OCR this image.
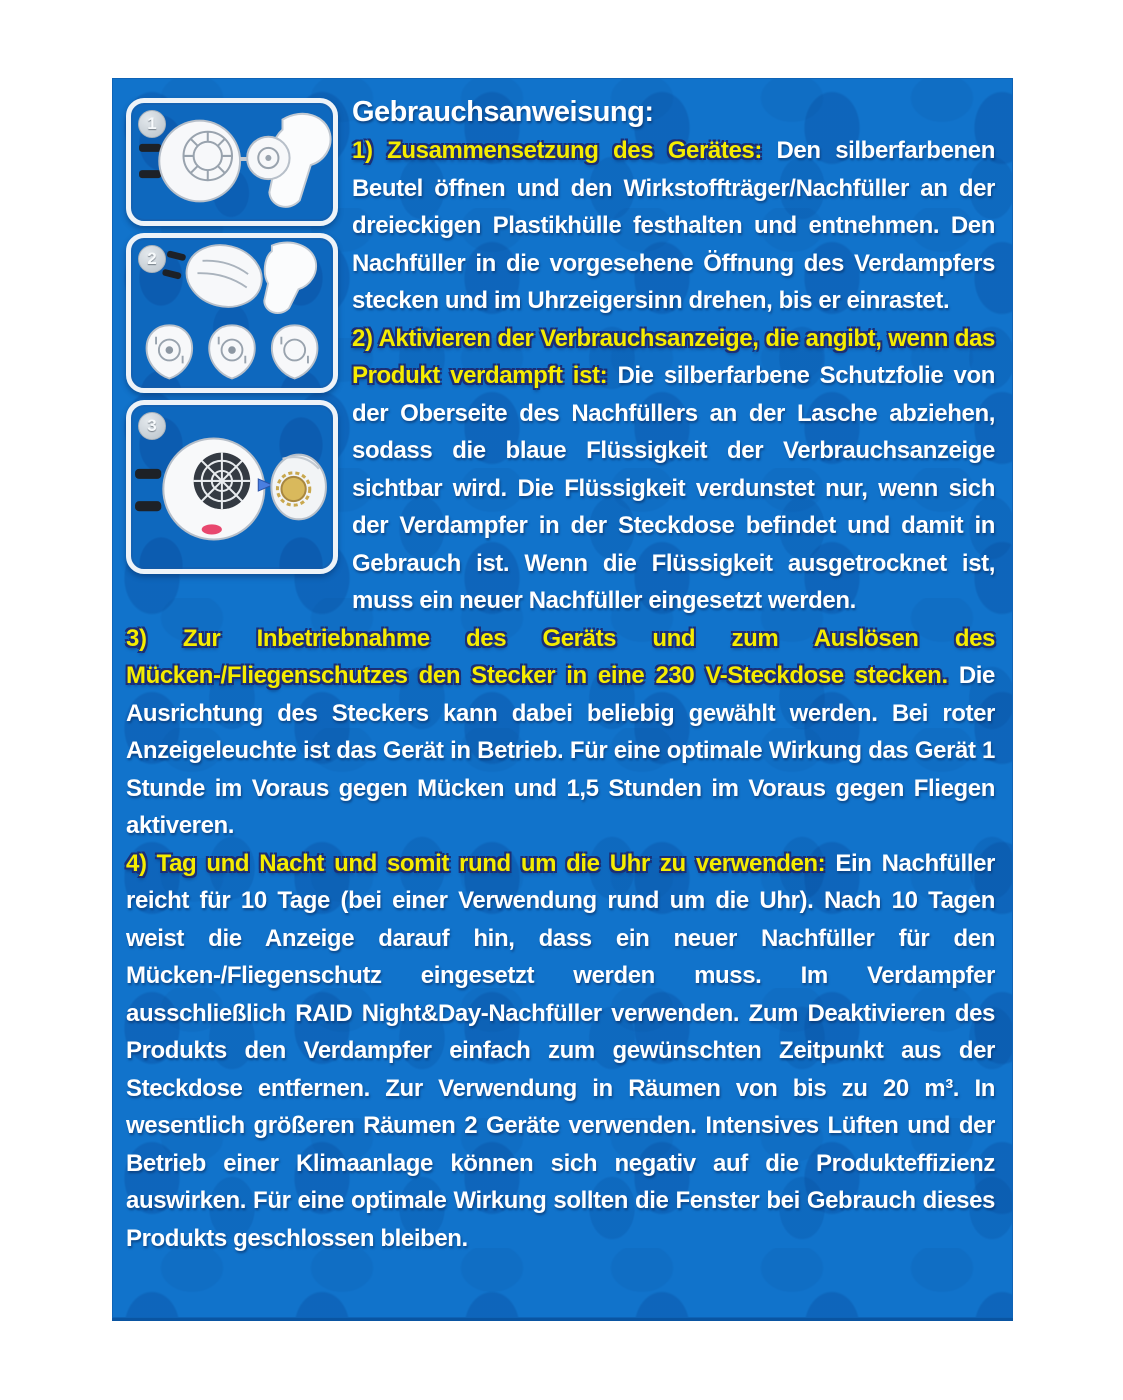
1
2
3
Gebrauchsanweisung:

1) Zusammensetzung des Gerätes: Den silberfarbenen Beutel öffnen und den Wirkstoffträger/Nachfüller an der dreieckigen Plastikhülle festhalten und entnehmen. Den Nachfüller in die vorgesehene Öffnung des Verdampfers stecken und im Uhrzeigersinn drehen, bis er einrastet.

2) Aktivieren der Verbrauchsanzeige, die angibt, wenn das Produkt verdampft ist: Die silberfarbene Schutzfolie von der Oberseite des Nachfüllers an der Lasche abziehen, sodass die blaue Flüssigkeit der Verbrauchsanzeige sichtbar wird. Die Flüssigkeit verdunstet nur, wenn sich der Verdampfer in der Steckdose befindet und damit in Gebrauch ist. Wenn die Flüssigkeit ausgetrocknet ist, muss ein neuer Nachfüller eingesetzt werden.

3) Zur Inbetriebnahme des Geräts und zum Auslösen des Mücken-/Fliegenschutzes den Stecker in eine 230 V-Steckdose stecken. Die Ausrichtung des Steckers kann dabei beliebig gewählt werden. Bei roter Anzeigeleuchte ist das Gerät in Betrieb. Für eine optimale Wirkung das Gerät 1 Stunde im Voraus gegen Mücken und 1,5 Stunden im Voraus gegen Fliegen aktiveren.

4) Tag und Nacht und somit rund um die Uhr zu verwenden: Ein Nachfüller reicht für 10 Tage (bei einer Verwendung rund um die Uhr). Nach 10 Tagen weist die Anzeige darauf hin, dass ein neuer Nachfüller für den Mücken-/Fliegenschutz eingesetzt werden muss. Im Verdampfer ausschließlich RAID Night&Day-Nachfüller verwenden. Zum Deaktivieren des Produkts den Verdampfer einfach zum gewünschten Zeitpunkt aus der Steckdose entfernen. Zur Verwendung in Räumen von bis zu 20 m³. In wesentlich größeren Räumen 2 Geräte verwenden. Intensives Lüften und der Betrieb einer Klimaanlage können sich negativ auf die Produkteffizienz auswirken. Für eine optimale Wirkung sollten die Fenster bei Gebrauch dieses Produkts geschlossen bleiben.
